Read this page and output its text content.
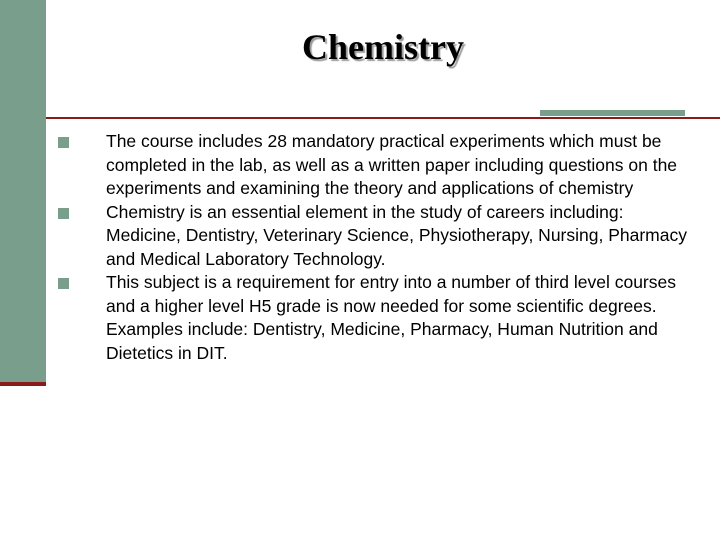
Chemistry
The course includes 28 mandatory practical experiments which must be completed in the lab, as well as a written paper including questions on the experiments and examining the theory and applications of chemistry
Chemistry is an essential element in the study of careers including: Medicine, Dentistry, Veterinary Science, Physiotherapy, Nursing, Pharmacy and Medical Laboratory Technology.
This subject is a requirement for entry into a number of third level courses and a higher level H5 grade is now needed for some scientific degrees. Examples include: Dentistry, Medicine, Pharmacy, Human Nutrition and Dietetics in DIT.
